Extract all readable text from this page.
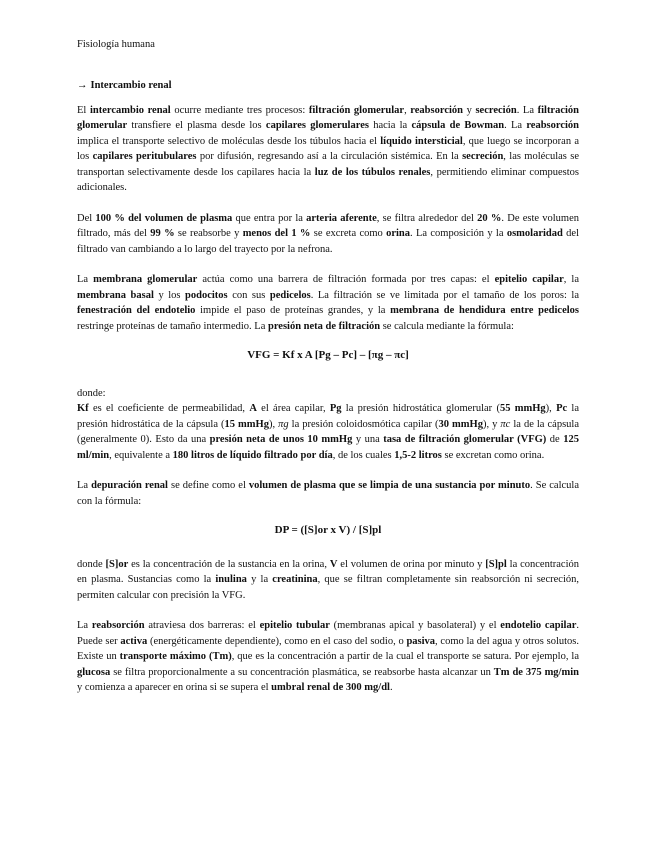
Fisiología humana
→ Intercambio renal

El intercambio renal ocurre mediante tres procesos: filtración glomerular, reabsorción y secreción. La filtración glomerular transfiere el plasma desde los capilares glomerulares hacia la cápsula de Bowman. La reabsorción implica el transporte selectivo de moléculas desde los túbulos hacia el líquido intersticial, que luego se incorporan a los capilares peritubulares por difusión, regresando así a la circulación sistémica. En la secreción, las moléculas se transportan selectivamente desde los capilares hacia la luz de los túbulos renales, permitiendo eliminar compuestos adicionales.

Del 100 % del volumen de plasma que entra por la arteria aferente, se filtra alrededor del 20 %. De este volumen filtrado, más del 99 % se reabsorbe y menos del 1 % se excreta como orina. La composición y la osmolaridad del filtrado van cambiando a lo largo del trayecto por la nefrona.

La membrana glomerular actúa como una barrera de filtración formada por tres capas: el epitelio capilar, la membrana basal y los podocitos con sus pedicelos. La filtración se ve limitada por el tamaño de los poros: la fenestración del endotelio impide el paso de proteínas grandes, y la membrana de hendidura entre pedicelos restringe proteínas de tamaño intermedio. La presión neta de filtración se calcula mediante la fórmula:

VFG = Kf x A [Pg – Pc] – [πg – πc]
donde:

Kf es el coeficiente de permeabilidad, A el área capilar, Pg la presión hidrostática glomerular (55 mmHg), Pc la presión hidrostática de la cápsula (15 mmHg), πg la presión coloidosmótica capilar (30 mmHg), y πc la de la cápsula (generalmente 0). Esto da una presión neta de unos 10 mmHg y una tasa de filtración glomerular (VFG) de 125 ml/min, equivalente a 180 litros de líquido filtrado por día, de los cuales 1,5-2 litros se excretan como orina.

La depuración renal se define como el volumen de plasma que se limpia de una sustancia por minuto. Se calcula con la fórmula:

DP = ([S]or x V) / [S]pl

donde [S]or es la concentración de la sustancia en la orina, V el volumen de orina por minuto y [S]pl la concentración en plasma. Sustancias como la inulina y la creatinina, que se filtran completamente sin reabsorción ni secreción, permiten calcular con precisión la VFG.

La reabsorción atraviesa dos barreras: el epitelio tubular (membranas apical y basolateral) y el endotelio capilar. Puede ser activa (energéticamente dependiente), como en el caso del sodio, o pasiva, como la del agua y otros solutos. Existe un transporte máximo (Tm), que es la concentración a partir de la cual el transporte se satura. Por ejemplo, la glucosa se filtra proporcionalmente a su concentración plasmática, se reabsorbe hasta alcanzar un Tm de 375 mg/min y comienza a aparecer en orina si se supera el umbral renal de 300 mg/dl.
